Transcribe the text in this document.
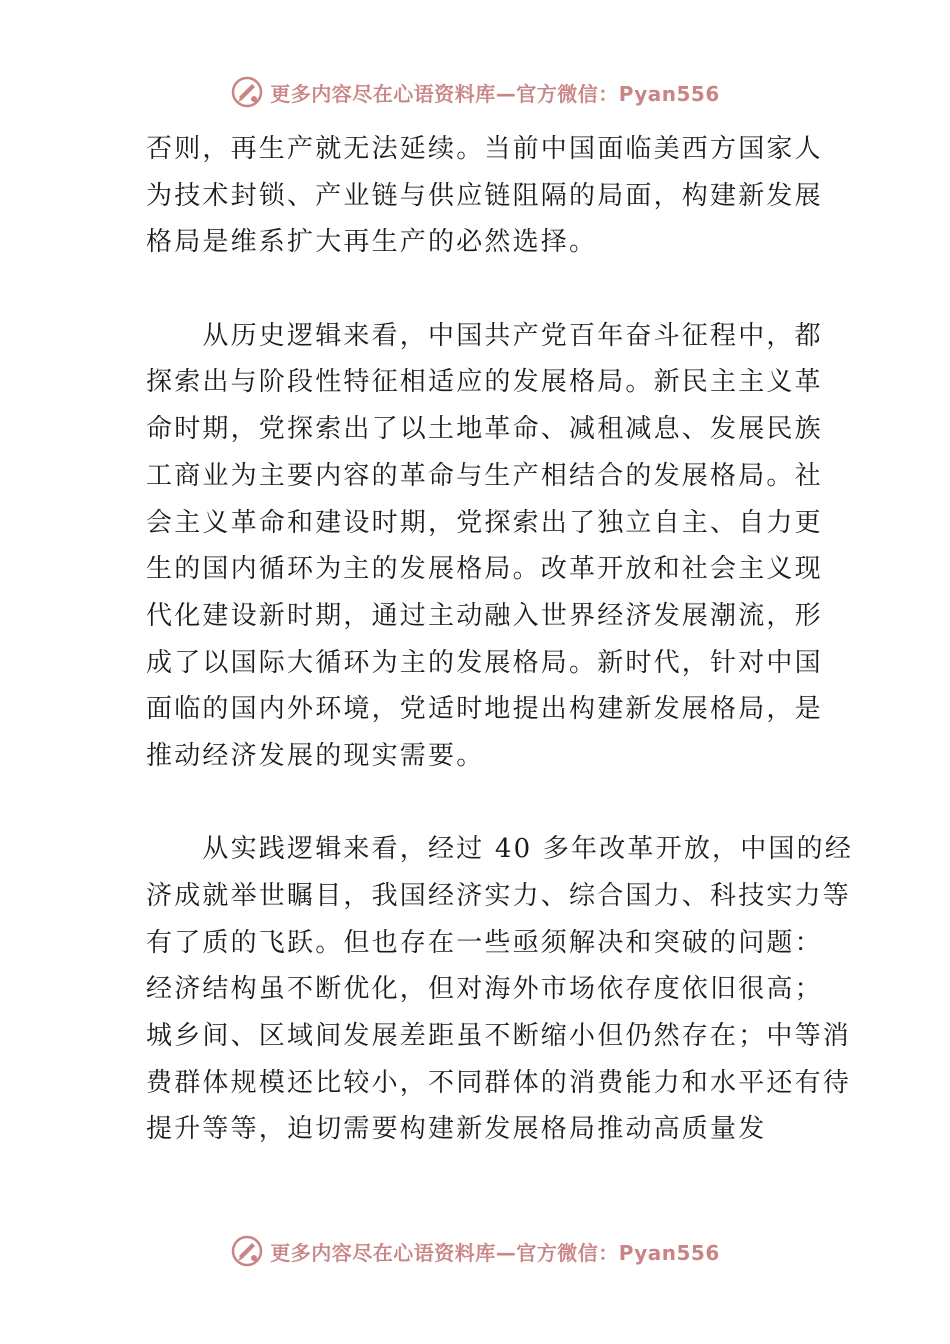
更多内容尽在心语资料库—官方微信：Pyan556
否则，再生产就无法延续。当前中国面临美西方国家人
为技术封锁、产业链与供应链阻隔的局面，构建新发展
格局是维系扩大再生产的必然选择。
　　从历史逻辑来看，中国共产党百年奋斗征程中，都
探索出与阶段性特征相适应的发展格局。新民主主义革
命时期，党探索出了以土地革命、减租减息、发展民族
工商业为主要内容的革命与生产相结合的发展格局。社
会主义革命和建设时期，党探索出了独立自主、自力更
生的国内循环为主的发展格局。改革开放和社会主义现
代化建设新时期，通过主动融入世界经济发展潮流，形
成了以国际大循环为主的发展格局。新时代，针对中国
面临的国内外环境，党适时地提出构建新发展格局，是
推动经济发展的现实需要。
　　从实践逻辑来看，经过 40 多年改革开放，中国的经
济成就举世瞩目，我国经济实力、综合国力、科技实力等
有了质的飞跃。但也存在一些亟须解决和突破的问题：
经济结构虽不断优化，但对海外市场依存度依旧很高；
城乡间、区域间发展差距虽不断缩小但仍然存在；中等消
费群体规模还比较小，不同群体的消费能力和水平还有待
提升等等，迫切需要构建新发展格局推动高质量发
更多内容尽在心语资料库—官方微信：Pyan556
